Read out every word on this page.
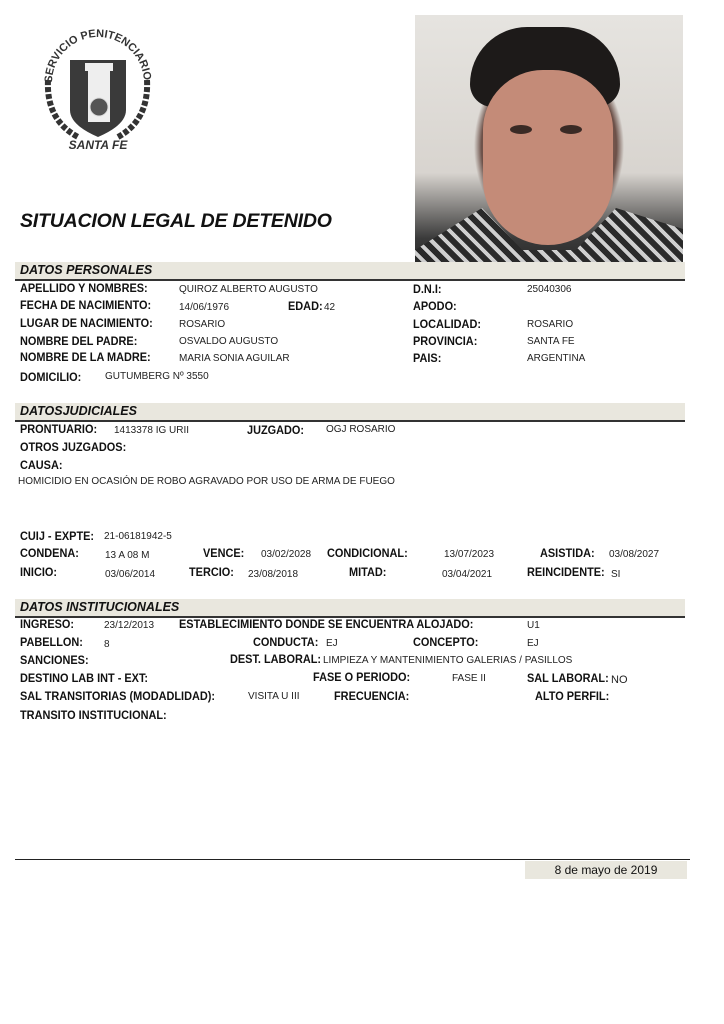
SERVICIO PENITENCIARIO
SANTA FE
SITUACION LEGAL DE DETENIDO
DATOS PERSONALES
APELLIDO Y NOMBRES:	QUIROZ ALBERTO AUGUSTO	D.N.I:	25040306
FECHA DE NACIMIENTO:	14/06/1976	EDAD: 42	APODO:
LUGAR DE NACIMIENTO:	ROSARIO	LOCALIDAD:	ROSARIO
NOMBRE DEL PADRE:	OSVALDO AUGUSTO	PROVINCIA:	SANTA FE
NOMBRE DE LA MADRE:	MARIA SONIA AGUILAR	PAIS:	ARGENTINA
DOMICILIO: GUTUMBERG Nº 3550
DATOSJUDICIALES
PRONTUARIO: 1413378 IG URII	JUZGADO: OGJ ROSARIO
OTROS JUZGADOS:
CAUSA:
HOMICIDIO EN OCASIÓN DE ROBO AGRAVADO POR USO DE ARMA DE FUEGO
CUIJ - EXPTE: 21-06181942-5
CONDENA:	13 A 08 M	VENCE: 03/02/2028 CONDICIONAL:	13/07/2023	ASISTIDA: 03/08/2027
INICIO:	03/06/2014	TERCIO: 23/08/2018	MITAD:	03/04/2021	REINCIDENTE: SI
DATOS INSTITUCIONALES
INGRESO:	23/12/2013 ESTABLECIMIENTO DONDE SE ENCUENTRA ALOJADO:	U1
PABELLON: 8	CONDUCTA: EJ	CONCEPTO:	EJ
SANCIONES:	DEST. LABORAL: LIMPIEZA Y MANTENIMIENTO GALERIAS / PASILLOS
DESTINO LAB INT - EXT:	FASE O PERIODO:	FASE II	SAL LABORAL: NO
SAL TRANSITORIAS (MODADLIDAD):	VISITA U III	FRECUENCIA:	ALTO PERFIL:
TRANSITO INSTITUCIONAL:
8 de mayo de 2019
